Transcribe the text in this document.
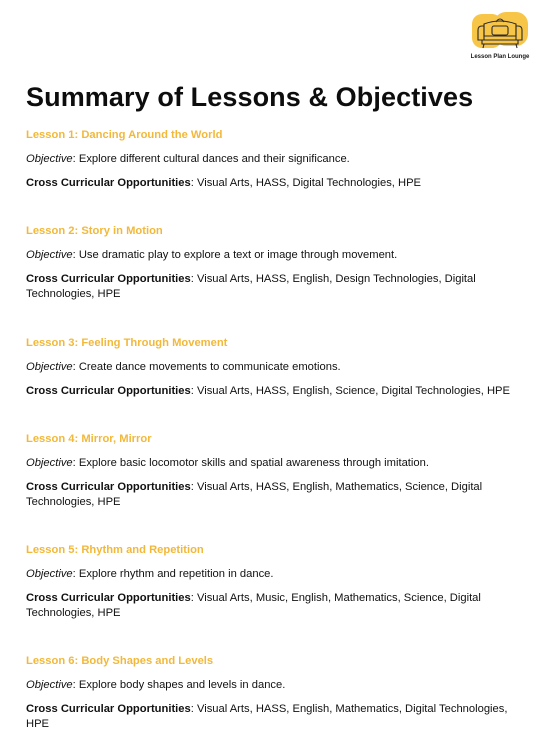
Lesson Plan Lounge
Summary of Lessons & Objectives

Lesson 1: Dancing Around the World

Objective: Explore different cultural dances and their significance.

Cross Curricular Opportunities: Visual Arts, HASS, Digital Technologies, HPE

Lesson 2: Story in Motion

Objective: Use dramatic play to explore a text or image through movement.

Cross Curricular Opportunities: Visual Arts, HASS, English, Design Technologies, Digital Technologies, HPE

Lesson 3: Feeling Through Movement

Objective: Create dance movements to communicate emotions.

Cross Curricular Opportunities: Visual Arts, HASS, English, Science, Digital Technologies, HPE

Lesson 4: Mirror, Mirror

Objective: Explore basic locomotor skills and spatial awareness through imitation.

Cross Curricular Opportunities: Visual Arts, HASS, English, Mathematics, Science, Digital Technologies, HPE

Lesson 5: Rhythm and Repetition

Objective: Explore rhythm and repetition in dance.

Cross Curricular Opportunities: Visual Arts, Music, English, Mathematics, Science, Digital Technologies, HPE

Lesson 6: Body Shapes and Levels

Objective: Explore body shapes and levels in dance.

Cross Curricular Opportunities: Visual Arts, HASS, English, Mathematics, Digital Technologies, HPE
